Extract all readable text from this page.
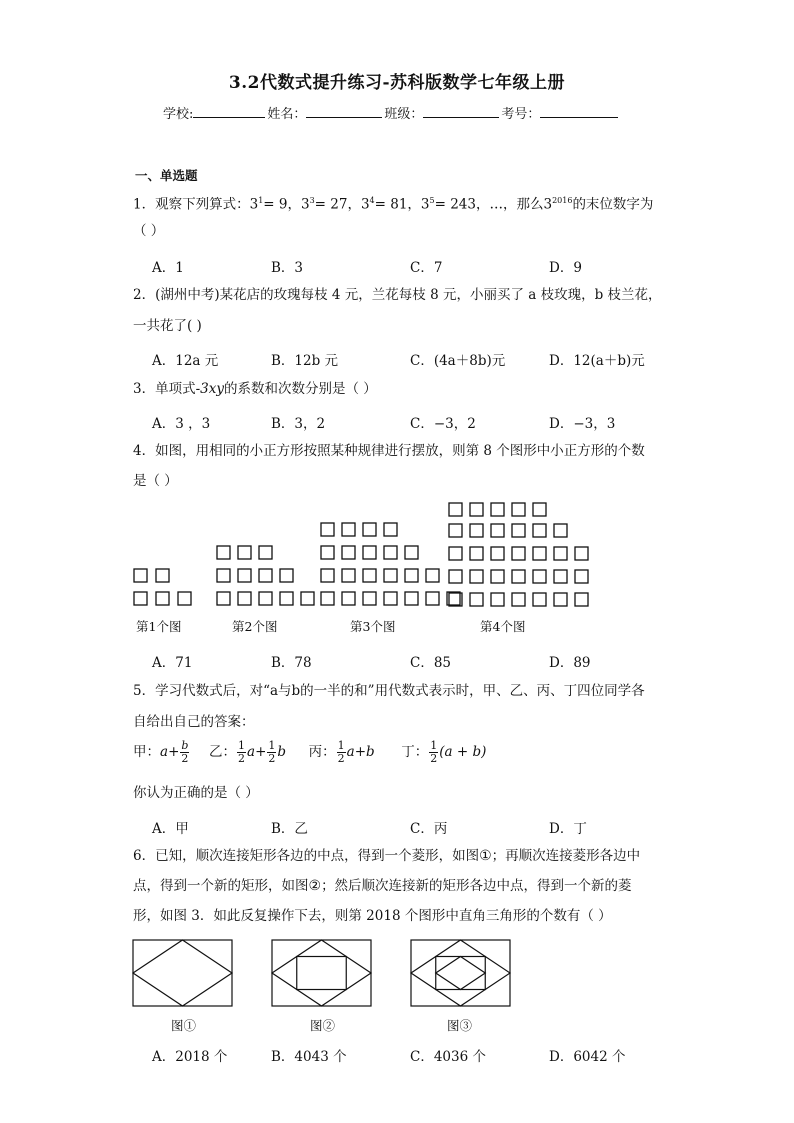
3.2代数式提升练习-苏科版数学七年级上册
学校:	姓名：	班级：	考号：
一、单选题
1．观察下列算式：$3^1= 9$，$3^3= 27$，$3^4= 81$，$3^5= 243$，…，那么$3^{2016}$的末位数字为
（ ）
A．1	B．3	C．7	D．9
2．(湖州中考)某花店的玫瑰每枝 4 元，兰花每枝 8 元，小丽买了 a 枝玫瑰，b 枝兰花，
一共花了( )
A．12a 元	B．12b 元	C．(4a＋8b)元	D．12(a＋b)元
3．单项式-3xy的系数和次数分别是（ ）
A．3 ，3	B．3，2	C．−3，2	D．−3，3
4．如图，用相同的小正方形按照某种规律进行摆放，则第 8 个图形中小正方形的个数
是（ ）
第1个图	第2个图	第3个图	第4个图
A．71	B．78	C．85	D．89
5．学习代数式后，对“a与b的一半的和”用代数式表示时，甲、乙、丙、丁四位同学各
自给出自己的答案：
甲：$a+ \frac{b}{2}$ 乙： $\frac{1}{2} a+ \frac{1}{2}$ b 丙： $\frac{1}{2} a+b$ 丁： $\frac{1}{2} (a + b)$
你认为正确的是（ ）
A．甲	B．乙	C．丙	D．丁
6．已知，顺次连接矩形各边的中点，得到一个菱形，如图①；再顺次连接菱形各边中
点，得到一个新的矩形，如图②；然后顺次连接新的矩形各边中点，得到一个新的菱
形，如图 3．如此反复操作下去，则第 2018 个图形中直角三角形的个数有（ ）
图①	图②	图③
A．2018 个	B．4043 个	C．4036 个	D．6042 个
